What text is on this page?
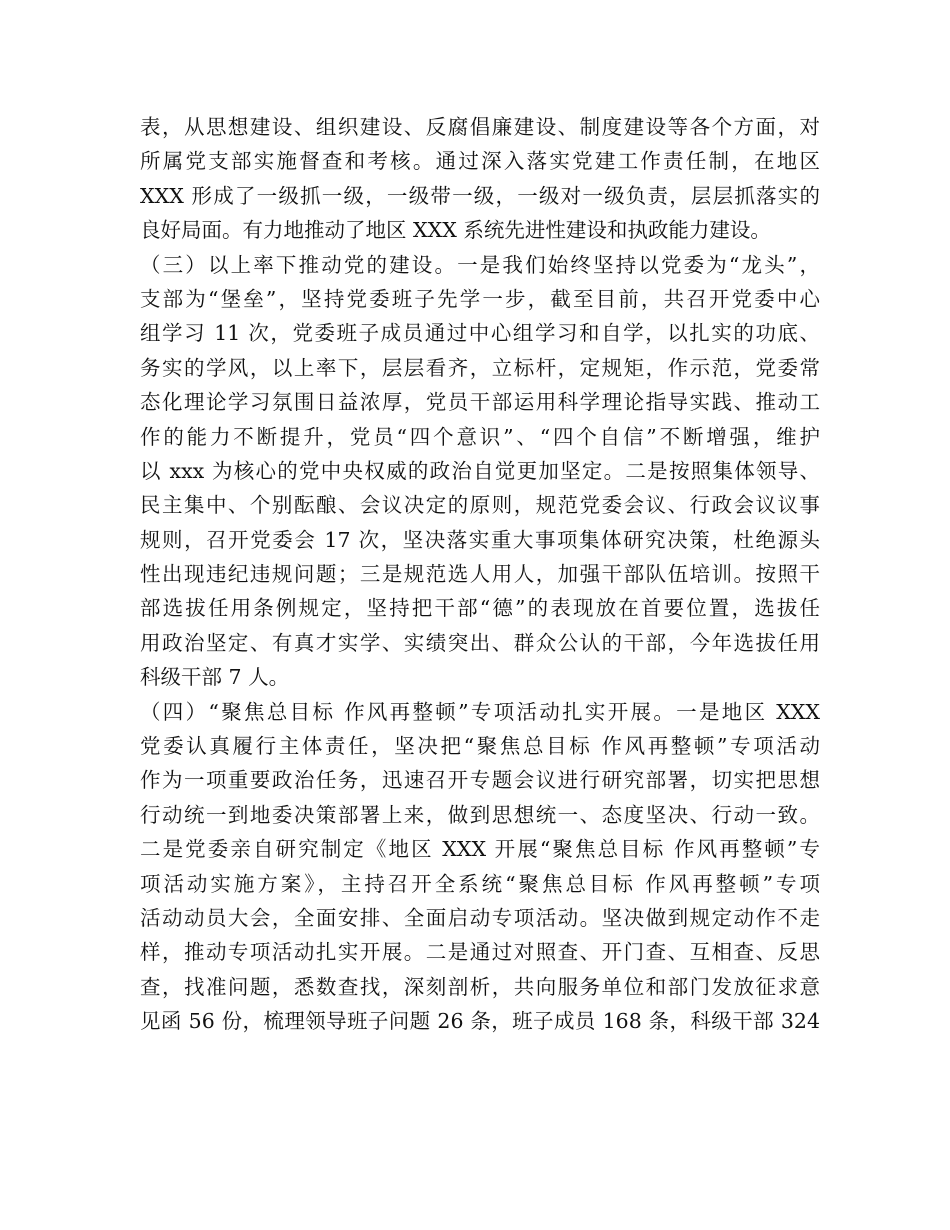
表，从思想建设、组织建设、反腐倡廉建设、制度建设等各个方面，对
所属党支部实施督查和考核。通过深入落实党建工作责任制，在地区
XXX 形成了一级抓一级，一级带一级，一级对一级负责，层层抓落实的
良好局面。有力地推动了地区 XXX 系统先进性建设和执政能力建设。
（三）以上率下推动党的建设。一是我们始终坚持以党委为“龙头”，
支部为“堡垒”，坚持党委班子先学一步，截至目前，共召开党委中心
组学习 11 次，党委班子成员通过中心组学习和自学，以扎实的功底、
务实的学风，以上率下，层层看齐，立标杆，定规矩，作示范，党委常
态化理论学习氛围日益浓厚，党员干部运用科学理论指导实践、推动工
作的能力不断提升，党员“四个意识”、“四个自信”不断增强，维护
以 xxx 为核心的党中央权威的政治自觉更加坚定。二是按照集体领导、
民主集中、个别酝酿、会议决定的原则，规范党委会议、行政会议议事
规则，召开党委会 17 次，坚决落实重大事项集体研究决策，杜绝源头
性出现违纪违规问题；三是规范选人用人，加强干部队伍培训。按照干
部选拔任用条例规定，坚持把干部“德”的表现放在首要位置，选拔任
用政治坚定、有真才实学、实绩突出、群众公认的干部，今年选拔任用
科级干部 7 人。
（四）“聚焦总目标 作风再整顿”专项活动扎实开展。一是地区 XXX
党委认真履行主体责任，坚决把“聚焦总目标 作风再整顿”专项活动
作为一项重要政治任务，迅速召开专题会议进行研究部署，切实把思想
行动统一到地委决策部署上来，做到思想统一、态度坚决、行动一致。
二是党委亲自研究制定《地区 XXX 开展“聚焦总目标 作风再整顿”专
项活动实施方案》，主持召开全系统“聚焦总目标 作风再整顿”专项
活动动员大会，全面安排、全面启动专项活动。坚决做到规定动作不走
样，推动专项活动扎实开展。二是通过对照查、开门查、互相查、反思
查，找准问题，悉数查找，深刻剖析，共向服务单位和部门发放征求意
见函 56 份，梳理领导班子问题 26 条，班子成员 168 条，科级干部 324
